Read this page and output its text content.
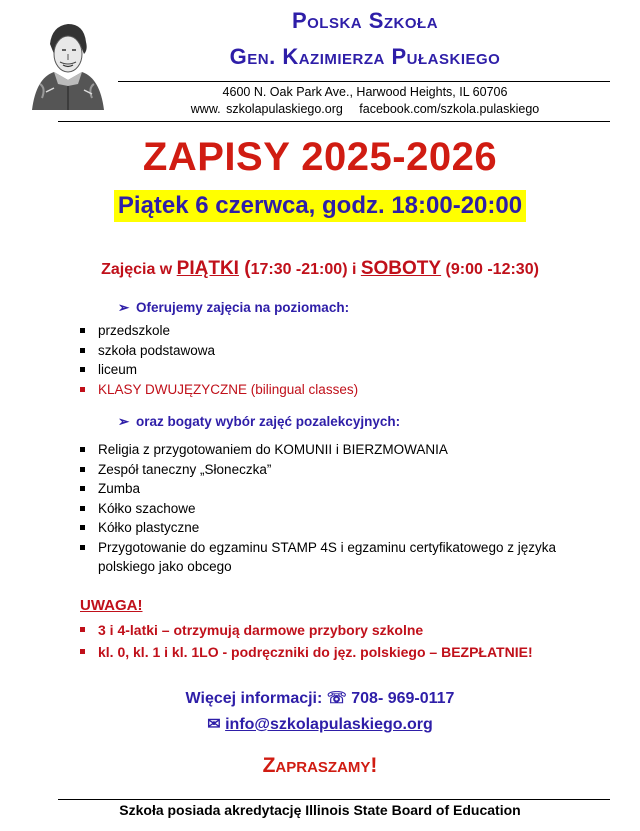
Polska Szkoła
Gen. Kazimierza Pułaskiego
4600 N. Oak Park Ave., Harwood Heights, IL 60706
www. szkolapulaskiego.org facebook.com/szkola.pulaskiego
ZAPISY 2025-2026
Piątek 6 czerwca, godz. 18:00-20:00
Zajęcia w PIĄTKI (17:30 -21:00) i SOBOTY (9:00 -12:30)
➢ Oferujemy zajęcia na poziomach:
przedszkole
szkoła podstawowa
liceum
KLASY DWUJĘZYCZNE (bilingual classes)
➢ oraz bogaty wybór zajęć pozalekcyjnych:
Religia z przygotowaniem do KOMUNII i BIERZMOWANIA
Zespół taneczny „Słoneczka”
Zumba
Kółko szachowe
Kółko plastyczne
Przygotowanie do egzaminu STAMP 4S i egzaminu certyfikatowego z języka polskiego jako obcego
UWAGA!
3 i 4-latki – otrzymują darmowe przybory szkolne
kl. 0, kl. 1 i kl. 1LO - podręczniki do jęz. polskiego – BEZPŁATNIE!
Więcej informacji: ☏ 708- 969-0117
✉ info@szkolapulaskiego.org
Zapraszamy!
Szkoła posiada akredytację Illinois State Board of Education
